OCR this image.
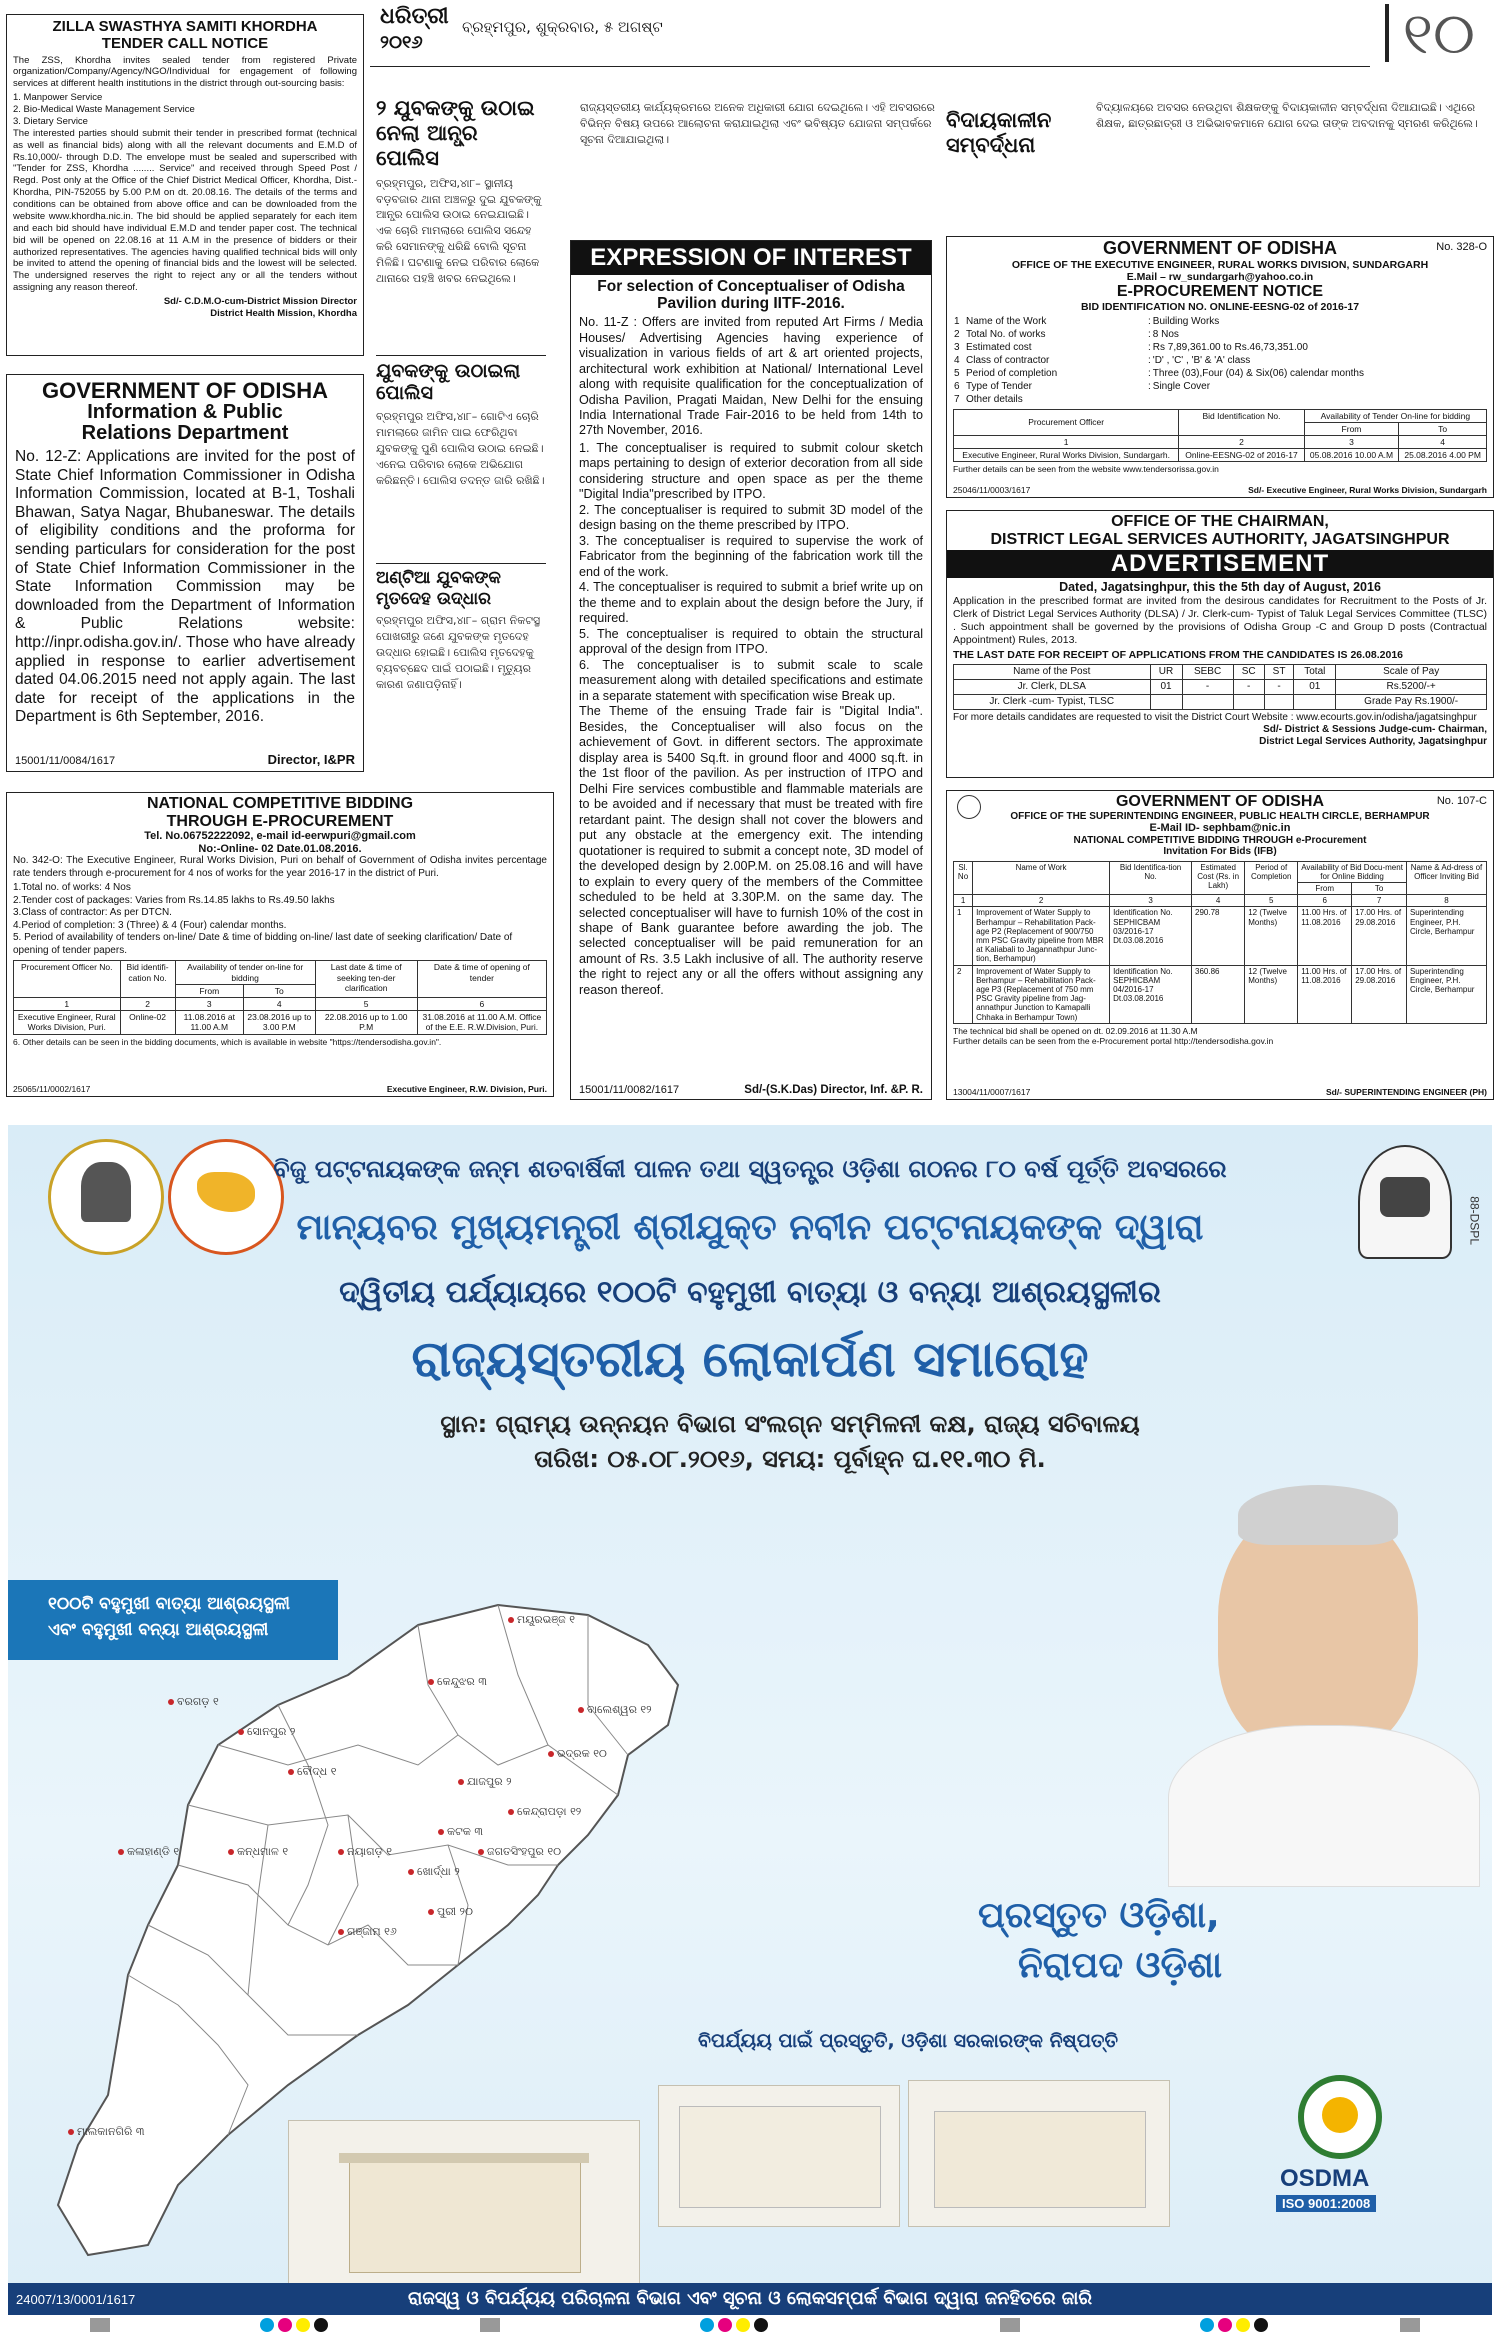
ଧରିତ୍ରୀ
୨୦୧୬
ବ୍ରହ୍ମପୁର, ଶୁକ୍ରବାର, ୫ ଅଗଷ୍ଟ	୧୦
ZILLA SWASTHYA SAMITI KHORDHA
TENDER CALL NOTICE
The ZSS, Khordha invites sealed tender from registered Private organization/Company/Agency/NGO/Individual for engagement of following services at different health institutions in the district through out-sourcing basis:
1. Manpower Service
2. Bio-Medical Waste Management Service
3. Dietary Service
The interested parties should submit their tender in prescribed format (technical as well as financial bids) along with all the relevant documents and E.M.D of Rs.10,000/- through D.D. The envelope must be sealed and superscribed with "Tender for ZSS, Khordha ........ Service" and received through Speed Post / Regd. Post only at the Office of the Chief District Medical Officer, Khordha, Dist.- Khordha, PIN-752055 by 5.00 P.M on dt. 20.08.16. The details of the terms and conditions can be obtained from above office and can be downloaded from the website www.khordha.nic.in. The bid should be applied separately for each item and each bid should have individual E.M.D and tender paper cost. The technical bid will be opened on 22.08.16 at 11 A.M in the presence of bidders or their authorized representatives. The agencies having qualified technical bids will only be invited to attend the opening of financial bids and the lowest will be selected. The undersigned reserves the right to reject any or all the tenders without assigning any reason thereof.
Sd/- C.D.M.O-cum-District Mission Director
District Health Mission, Khordha
GOVERNMENT OF ODISHA
Information & Public
Relations Department
No. 12-Z: Applications are invited for the post of State Chief Information Commissioner in Odisha Information Commission, located at B-1, Toshali Bhawan, Satya Nagar, Bhubaneswar. The details of eligibility conditions and the proforma for sending particulars for consideration for the post of State Chief Information Commissioner in the State Information Commission may be downloaded from the Department of Information & Public Relations website: http://inpr.odisha.gov.in/. Those who have already applied in response to earlier advertisement dated 04.06.2015 need not apply again. The last date for receipt of the applications in the Department is 6th September, 2016.
15001/11/0084/1617	Director, I&PR
୨ ଯୁବକଙ୍କୁ ଉଠାଇ
ନେଲା ଆନ୍ଧ୍ର ପୋଲିସ
ବ୍ରହ୍ମପୁର, ଅଫିସ,୪ା୮– ସ୍ଥାନୀୟ ବଡ଼ବଜାର ଥାନା ଅଞ୍ଚଳରୁ ଦୁଇ ଯୁବକଙ୍କୁ ଆନ୍ଧ୍ର ପୋଲିସ ଉଠାଇ ନେଇଯାଇଛି। ଏକ ଚୋରି ମାମଲାରେ ପୋଲିସ ସନ୍ଦେହ କରି ସେମାନଙ୍କୁ ଧରିଛି ବୋଲି ସୂଚନା ମିଳିଛି। ଘଟଣାକୁ ନେଇ ପରିବାର ଲୋକେ ଥାନାରେ ପହଞ୍ଚି ଖବର ନେଇଥିଲେ।
ଯୁବକଙ୍କୁ ଉଠାଇଲା ପୋଲିସ
ବ୍ରହ୍ମପୁର ଅଫିସ,୪ା୮– ଗୋଟିଏ ଚୋରି ମାମଲାରେ ଜାମିନ ପାଇ ଫେରିଥିବା ଯୁବକଙ୍କୁ ପୁଣି ପୋଲିସ ଉଠାଇ ନେଇଛି। ଏନେଇ ପରିବାର ଲୋକେ ଅଭିଯୋଗ କରିଛନ୍ତି। ପୋଲିସ ତଦନ୍ତ ଜାରି ରଖିଛି।
ଅଣ୍ଟିଆ ଯୁବକଙ୍କ ମୃତଦେହ ଉଦ୍ଧାର
ବ୍ରହ୍ମପୁର ଅଫିସ,୪ା୮– ଗ୍ରାମ ନିକଟସ୍ଥ ପୋଖରୀରୁ ଜଣେ ଯୁବକଙ୍କ ମୃତଦେହ ଉଦ୍ଧାର ହୋଇଛି। ପୋଲିସ ମୃତଦେହକୁ ବ୍ୟବଚ୍ଛେଦ ପାଇଁ ପଠାଇଛି। ମୃତ୍ୟୁର କାରଣ ଜଣାପଡ଼ିନାହିଁ।
ରାଜ୍ୟସ୍ତରୀୟ କାର୍ଯ୍ୟକ୍ରମରେ ଅନେକ ଅଧିକାରୀ ଯୋଗ ଦେଇଥିଲେ। ଏହି ଅବସରରେ ବିଭିନ୍ନ ବିଷୟ ଉପରେ ଆଲୋଚନା କରାଯାଇଥିଲା ଏବଂ ଭବିଷ୍ୟତ ଯୋଜନା ସମ୍ପର୍କରେ ସୂଚନା ଦିଆଯାଇଥିଲା।
ବିଦାୟକାଳୀନ ସମ୍ବର୍ଦ୍ଧନା
ବିଦ୍ୟାଳୟରେ ଅବସର ନେଉଥିବା ଶିକ୍ଷକଙ୍କୁ ବିଦାୟକାଳୀନ ସମ୍ବର୍ଦ୍ଧନା ଦିଆଯାଇଛି। ଏଥିରେ ଶିକ୍ଷକ, ଛାତ୍ରଛାତ୍ରୀ ଓ ଅଭିଭାବକମାନେ ଯୋଗ ଦେଇ ତାଙ୍କ ଅବଦାନକୁ ସ୍ମରଣ କରିଥିଲେ।
EXPRESSION OF INTEREST
For selection of Conceptualiser of Odisha Pavilion during IITF-2016.
No. 11-Z : Offers are invited from reputed Art Firms / Media Houses/ Advertising Agencies having experience of visualization in various fields of art & art oriented projects, architectural work exhibition at National/ International Level along with requisite qualification for the conceptualization of Odisha Pavilion, Pragati Maidan, New Delhi for the ensuing India International Trade Fair-2016 to be held from 14th to 27th November, 2016.
1. The conceptualiser is required to submit colour sketch maps pertaining to design of exterior decoration from all side considering structure and open space as per the theme "Digital India"prescribed by ITPO.
2. The conceptualiser is required to submit 3D model of the design basing on the theme prescribed by ITPO.
3. The conceptualiser is required to supervise the work of Fabricator from the beginning of the fabrication work till the end of the work.
4. The conceptualiser is required to submit a brief write up on the theme and to explain about the design before the Jury, if required.
5. The conceptualiser is required to obtain the structural approval of the design from ITPO.
6. The conceptualiser is to submit scale to scale measurement along with detailed specifications and estimate in a separate statement with specification wise Break up.
The Theme of the ensuing Trade fair is "Digital India". Besides, the Conceptualiser will also focus on the achievement of Govt. in different sectors. The approximate display area is 5400 Sq.ft. in ground floor and 4000 sq.ft. in the 1st floor of the pavilion. As per instruction of ITPO and Delhi Fire services combustible and flammable materials are to be avoided and if necessary that must be treated with fire retardant paint. The design shall not cover the blowers and put any obstacle at the emergency exit. The intending quotationer is required to submit a concept note, 3D model of the developed design by 2.00P.M. on 25.08.16 and will have to explain to every query of the members of the Committee scheduled to be held at 3.30P.M. on the same day. The selected conceptualiser will have to furnish 10% of the cost in shape of Bank guarantee before awarding the job. The selected conceptualiser will be paid remuneration for an amount of Rs. 3.5 Lakh inclusive of all. The authority reserve the right to reject any or all the offers without assigning any reason thereof.
15001/11/0082/1617	Sd/-(S.K.Das) Director, Inf. &P. R.
GOVERNMENT OF ODISHA	No. 328-O
OFFICE OF THE EXECUTIVE ENGINEER, RURAL WORKS DIVISION, SUNDARGARH
E.Mail – rw_sundargarh@yahoo.co.in
E-PROCUREMENT NOTICE
BID IDENTIFICATION NO. ONLINE-EESNG-02 of 2016-17
1	Name of the Work	:	Building Works
2	Total No. of works	:	8 Nos
3	Estimated cost	:	Rs 7,89,361.00 to Rs.46,73,351.00
4	Class of contractor	:	'D' , 'C' , 'B' & 'A' class
5	Period of completion	:	Three (03),Four (04) & Six(06) calendar months
6	Type of Tender	:	Single Cover
7	Other details		
Procurement Officer	Bid Identification No.	Availability of Tender On-line for bidding	
		From	To
1	2	3	4
Executive Engineer, Rural Works Division, Sundargarh.	Online-EESNG-02 of 2016-17	05.08.2016 10.00 A.M	25.08.2016 4.00 PM
Further details can be seen from the website www.tendersorissa.gov.in
25046/11/0003/1617	Sd/- Executive Engineer, Rural Works Division, Sundargarh
OFFICE OF THE CHAIRMAN,
DISTRICT LEGAL SERVICES AUTHORITY, JAGATSINGHPUR
ADVERTISEMENT
Dated, Jagatsinghpur, this the 5th day of August, 2016
Application in the prescribed format are invited from the desirous candidates for Recruitment to the Posts of Jr. Clerk of District Legal Services Authority (DLSA) / Jr. Clerk-cum- Typist of Taluk Legal Services Committee (TLSC) . Such appointment shall be governed by the provisions of Odisha Group -C and Group D posts (Contractual Appointment) Rules, 2013.
THE LAST DATE FOR RECEIPT OF APPLICATIONS FROM THE CANDIDATES IS 26.08.2016
Name of the Post	UR	SEBC	SC	ST	Total	Scale of Pay
Jr. Clerk, DLSA	01	-	-	-	01	Rs.5200/-+
Jr. Clerk -cum- Typist, TLSC						Grade Pay Rs.1900/-
For more details candidates are requested to visit the District Court Website : www.ecourts.gov.in/odisha/jagatsinghpur
Sd/- District & Sessions Judge-cum- Chairman,
District Legal Services Authority, Jagatsinghpur
NATIONAL COMPETITIVE BIDDING
THROUGH E-PROCUREMENT
Tel. No.06752222092, e-mail id-eerwpuri@gmail.com
No:-Online- 02 Date.01.08.2016.
No. 342-O: The Executive Engineer, Rural Works Division, Puri on behalf of Government of Odisha invites percentage rate tenders through e-procurement for 4 nos of works for the year 2016-17 in the district of Puri.
1.Total no. of works: 4 Nos
2.Tender cost of packages: Varies from Rs.14.85 lakhs to Rs.49.50 lakhs
3.Class of contractor: As per DTCN.
4.Period of completion: 3 (Three) & 4 (Four) calendar months.
5. Period of availability of tenders on-line/ Date & time of bidding on-line/ last date of seeking clarification/ Date of opening of tender papers.
Procurement Officer No.	Bid identifi-cation No.	Availability of tender on-line for bidding		Last date & time of seeking ten-der clarification	Date & time of opening of tender
		From	To		
1	2	3	4	5	6
Executive Engineer, Rural Works Division, Puri.	Online-02	11.08.2016 at 11.00 A.M	23.08.2016 up to 3.00 P.M	22.08.2016 up to 1.00 P.M	31.08.2016 at 11.00 A.M. Office of the E.E. R.W.Division, Puri.
6. Other details can be seen in the bidding documents, which is available in website "https://tendersodisha.gov.in".
25065/11/0002/1617	Executive Engineer, R.W. Division, Puri.
GOVERNMENT OF ODISHA	No. 107-C
OFFICE OF THE SUPERINTENDING ENGINEER, PUBLIC HEALTH CIRCLE, BERHAMPUR
E-Mail ID- sephbam@nic.in
NATIONAL COMPETITIVE BIDDING THROUGH e-Procurement
Invitation For Bids (IFB)
Sl. No	Name of Work	Bid Identifica-tion No.	Estimated Cost (Rs. in Lakh)	Period of Completion	Availability of Bid Docu-ment for Online Bidding		Name & Ad-dress of Officer Inviting Bid
					From	To	
1	2	3	4	5	6	7	8
1	Improvement of Water Supply to Berhampur – Rehabilitation Pack-age P2 (Replacement of 900/750 mm PSC Gravity pipeline from MBR at Kaliabali to Jagannathpur Junc-tion, Berhampur)	Identification No. SEPHICBAM 03/2016-17 Dt.03.08.2016	290.78	12 (Twelve Months)	11.00 Hrs. of 11.08.2016	17.00 Hrs. of 29.08.2016	Superintending Engineer, P.H. Circle, Berhampur
2	Improvement of Water Supply to Berhampur – Rehabilitation Pack-age P3 (Replacement of 750 mm PSC Gravity pipeline from Jag-annathpur Junction to Kamapalli Chhaka in Berhampur Town)	Identification No. SEPHICBAM 04/2016-17 Dt.03.08.2016	360.86	12 (Twelve Months)	11.00 Hrs. of 11.08.2016	17.00 Hrs. of 29.08.2016	Superintending Engineer, P.H. Circle, Berhampur
The technical bid shall be opened on dt. 02.09.2016 at 11.30 A.M
Further details can be seen from the e-Procurement portal http://tendersodisha.gov.in
13004/11/0007/1617	Sd/- SUPERINTENDING ENGINEER (PH)
ବିଜୁ ପଟ୍ଟନାୟକଙ୍କ ଜନ୍ମ ଶତବାର୍ଷିକୀ ପାଳନ ତଥା ସ୍ୱତନ୍ତ୍ର ଓଡ଼ିଶା ଗଠନର ୮୦ ବର୍ଷ ପୂର୍ତ୍ତି ଅବସରରେ
ମାନ୍ୟବର ମୁଖ୍ୟମନ୍ତ୍ରୀ ଶ୍ରୀଯୁକ୍ତ ନବୀନ ପଟ୍ଟନାୟକଙ୍କ ଦ୍ୱାରା
ଦ୍ୱିତୀୟ ପର୍ଯ୍ୟାୟରେ ୧୦୦ଟି ବହୁମୁଖୀ ବାତ୍ୟା ଓ ବନ୍ୟା ଆଶ୍ରୟସ୍ଥଳୀର
ରାଜ୍ୟସ୍ତରୀୟ ଲୋକାର୍ପଣ ସମାରୋହ
ସ୍ଥାନ: ଗ୍ରାମ୍ୟ ଉନ୍ନୟନ ବିଭାଗ ସଂଲଗ୍ନ ସମ୍ମିଳନୀ କକ୍ଷ, ରାଜ୍ୟ ସଚିବାଳୟ
ତାରିଖ: ୦୫.୦୮.୨୦୧୬, ସମୟ: ପୂର୍ବାହ୍ନ ଘ.୧୧.୩୦ ମି.
88-DSPL
୧୦୦ଟି ବହୁମୁଖୀ ବାତ୍ୟା ଆଶ୍ରୟସ୍ଥଳୀ
ଏବଂ ବହୁମୁଖୀ ବନ୍ୟା ଆଶ୍ରୟସ୍ଥଳୀ	ମୟୂରଭଞ୍ଜ ୧
କେନ୍ଦୁଝର ୩
ବାଲେଶ୍ୱର ୧୨
ଭଦ୍ରକ ୧୦
ଯାଜପୁର ୨
କେନ୍ଦ୍ରାପଡ଼ା ୧୨
ଜଗତସିଂହପୁର ୧୦
କଟକ ୩
ଖୋର୍ଦ୍ଧା ୨
ପୁରୀ ୨୦
ନୟାଗଡ଼ ୧
ଗଞ୍ଜାମ ୧୬
କନ୍ଧମାଳ ୧
ବୌଦ୍ଧ ୧
ସୋନପୁର ୨
ବରଗଡ଼ ୧
କଳାହାଣ୍ଡି ୧
ମାଲକାନଗିରି ୩
ପ୍ରସ୍ତୁତ ଓଡ଼ିଶା,
ନିରାପଦ ଓଡ଼ିଶା
ବିପର୍ଯ୍ୟୟ ପାଇଁ ପ୍ରସ୍ତୁତି, ଓଡ଼ିଶା ସରକାରଙ୍କ ନିଷ୍ପତ୍ତି
OSDMA
ISO 9001:2008
24007/13/0001/1617	ରାଜସ୍ୱ ଓ ବିପର୍ଯ୍ୟୟ ପରିଚାଳନା ବିଭାଗ ଏବଂ ସୂଚନା ଓ ଲୋକସମ୍ପର୍କ ବିଭାଗ ଦ୍ୱାରା ଜନହିତରେ ଜାରି
